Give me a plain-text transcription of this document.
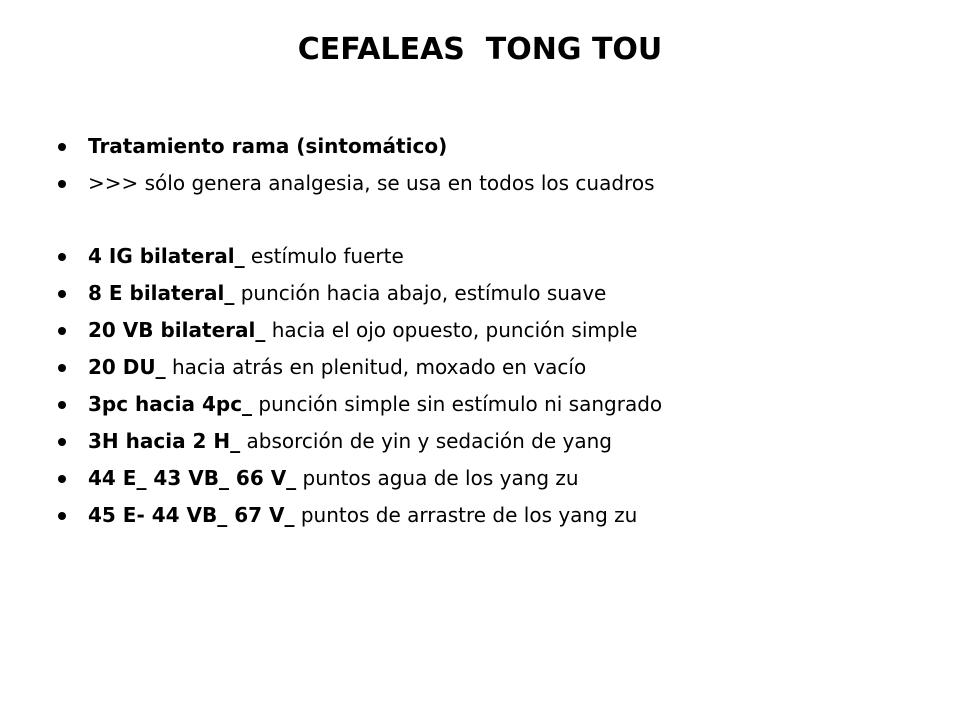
CEFALEAS  TONG TOU
Tratamiento rama (sintomático)
>>> sólo genera analgesia, se usa en todos los cuadros
4 IG bilateral_ estímulo fuerte
8 E bilateral_ punción hacia abajo, estímulo suave
20 VB bilateral_ hacia el ojo opuesto, punción simple
20 DU_ hacia atrás en plenitud, moxado en vacío
3pc hacia 4pc_ punción simple sin estímulo ni sangrado
3H hacia 2 H_ absorción de yin y sedación de yang
44 E_ 43 VB_ 66 V_ puntos agua de los yang zu
45 E- 44 VB_ 67 V_ puntos de arrastre de los yang zu
